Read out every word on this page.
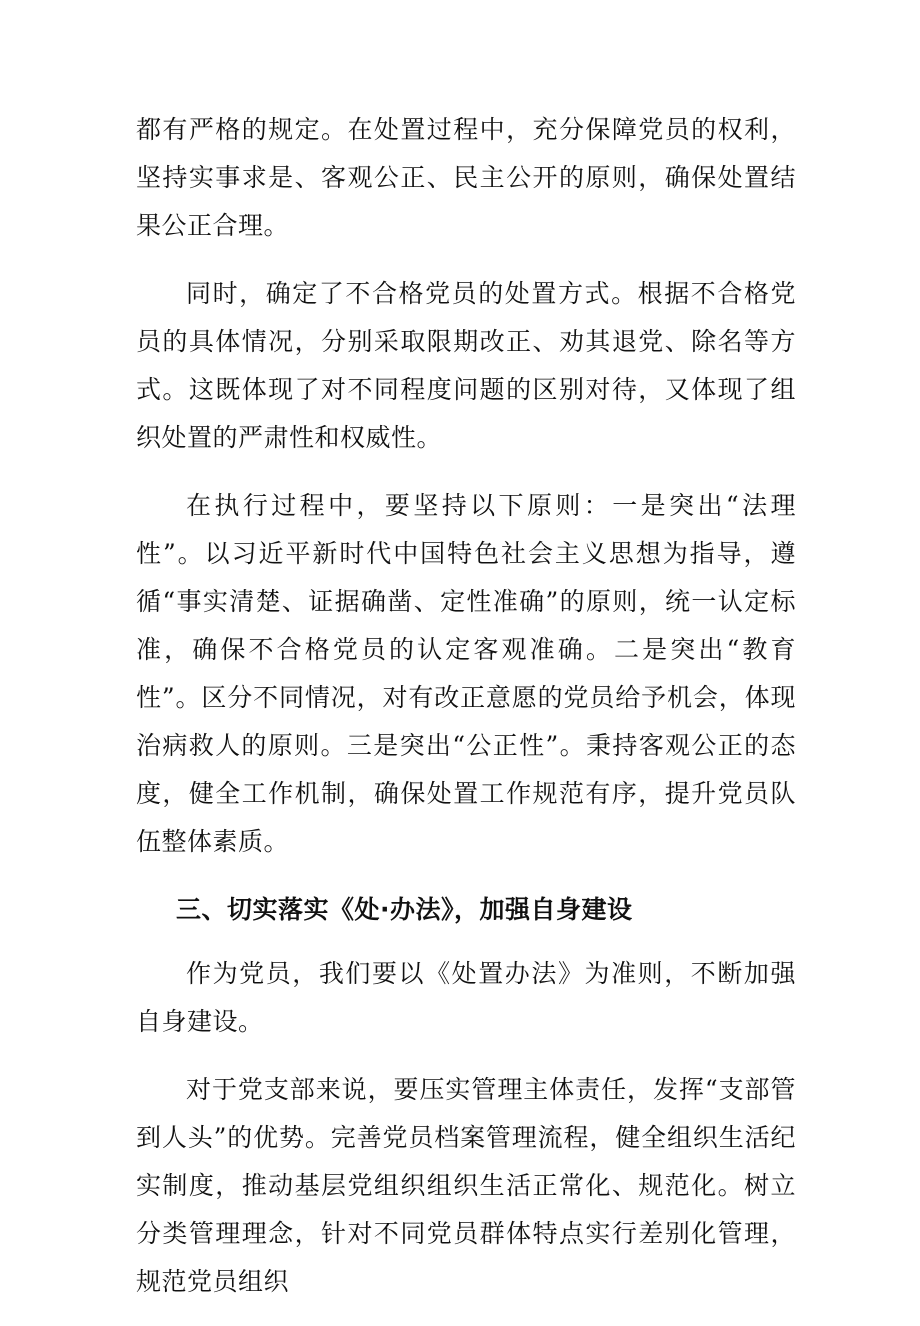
都有严格的规定。在处置过程中，充分保障党员的权利，坚持实事求是、客观公正、民主公开的原则，确保处置结果公正合理。

同时，确定了不合格党员的处置方式。根据不合格党员的具体情况，分别采取限期改正、劝其退党、除名等方式。这既体现了对不同程度问题的区别对待，又体现了组织处置的严肃性和权威性。

在执行过程中，要坚持以下原则：一是突出“法理性”。以习近平新时代中国特色社会主义思想为指导，遵循“事实清楚、证据确凿、定性准确”的原则，统一认定标准，确保不合格党员的认定客观准确。二是突出“教育性”。区分不同情况，对有改正意愿的党员给予机会，体现治病救人的原则。三是突出“公正性”。秉持客观公正的态度，健全工作机制，确保处置工作规范有序，提升党员队伍整体素质。

三、切实落实《处·办法》，加强自身建设

作为党员，我们要以《处置办法》为准则，不断加强自身建设。

对于党支部来说，要压实管理主体责任，发挥“支部管到人头”的优势。完善党员档案管理流程，健全组织生活纪实制度，推动基层党组织组织生活正常化、规范化。树立分类管理理念，针对不同党员群体特点实行差别化管理，规范党员组织
